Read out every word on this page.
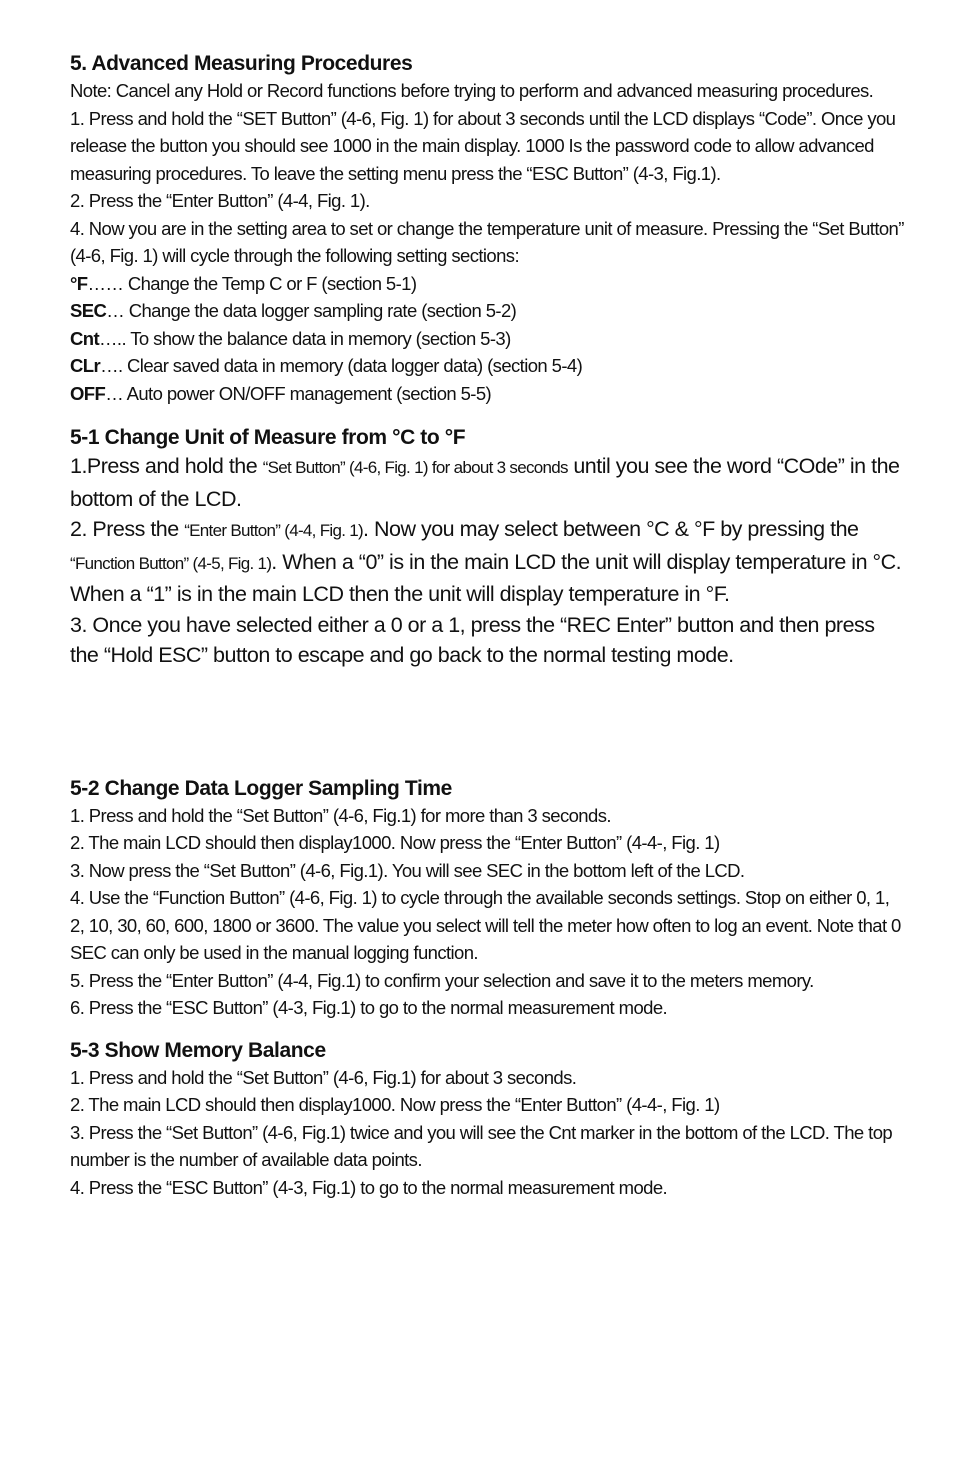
5. Advanced Measuring Procedures

Note: Cancel any Hold or Record functions before trying to perform and advanced measuring procedures.

1. Press and hold the “SET Button” (4-6, Fig. 1) for about 3 seconds until the LCD displays “Code”. Once you release the button you should see 1000 in the main display. 1000 Is the password code to allow advanced measuring procedures. To leave the setting menu press the “ESC Button” (4-3, Fig.1).

2. Press the “Enter Button” (4-4, Fig. 1).

4. Now you are in the setting area to set or change the temperature unit of measure. Pressing the “Set Button” (4-6, Fig. 1) will cycle through the following setting sections:

°F…… Change the Temp C or F (section 5-1)

SEC… Change the data logger sampling rate (section 5-2)

Cnt….. To show the balance data in memory (section 5-3)

CLr…. Clear saved data in memory (data logger data) (section 5-4)

OFF… Auto power ON/OFF management (section 5-5)

5-1 Change Unit of Measure from °C to °F

1.Press and hold the “Set Button” (4-6, Fig. 1) for about 3 seconds until you see the word “COde” in the bottom of the LCD.

2. Press the “Enter Button” (4-4, Fig. 1). Now you may select between °C & °F by pressing the “Function Button” (4-5, Fig. 1). When a “0” is in the main LCD the unit will display temperature in °C. When a “1” is in the main LCD then the unit will display temperature in °F.

3. Once you have selected either a 0 or a 1, press the “REC Enter” button and then press the “Hold ESC” button to escape and go back to the normal testing mode.

5-2 Change Data Logger Sampling Time

1. Press and hold the “Set Button” (4-6, Fig.1) for more than 3 seconds.

2. The main LCD should then display1000. Now press the “Enter Button” (4-4-, Fig. 1)

3. Now press the “Set Button” (4-6, Fig.1). You will see SEC in the bottom left of the LCD.

4. Use the “Function Button” (4-6, Fig. 1) to cycle through the available seconds settings. Stop on either 0, 1, 2, 10, 30, 60, 600, 1800 or 3600. The value you select will tell the meter how often to log an event. Note that 0 SEC can only be used in the manual logging function.

5. Press the “Enter Button” (4-4, Fig.1) to confirm your selection and save it to the meters memory.

6. Press the “ESC Button” (4-3, Fig.1) to go to the normal measurement mode.

5-3 Show Memory Balance

1. Press and hold the “Set Button” (4-6, Fig.1) for about 3 seconds.

2. The main LCD should then display1000. Now press the “Enter Button” (4-4-, Fig. 1)

3. Press the “Set Button” (4-6, Fig.1) twice and you will see the Cnt marker in the bottom of the LCD. The top number is the number of available data points.

4. Press the “ESC Button” (4-3, Fig.1) to go to the normal measurement mode.
